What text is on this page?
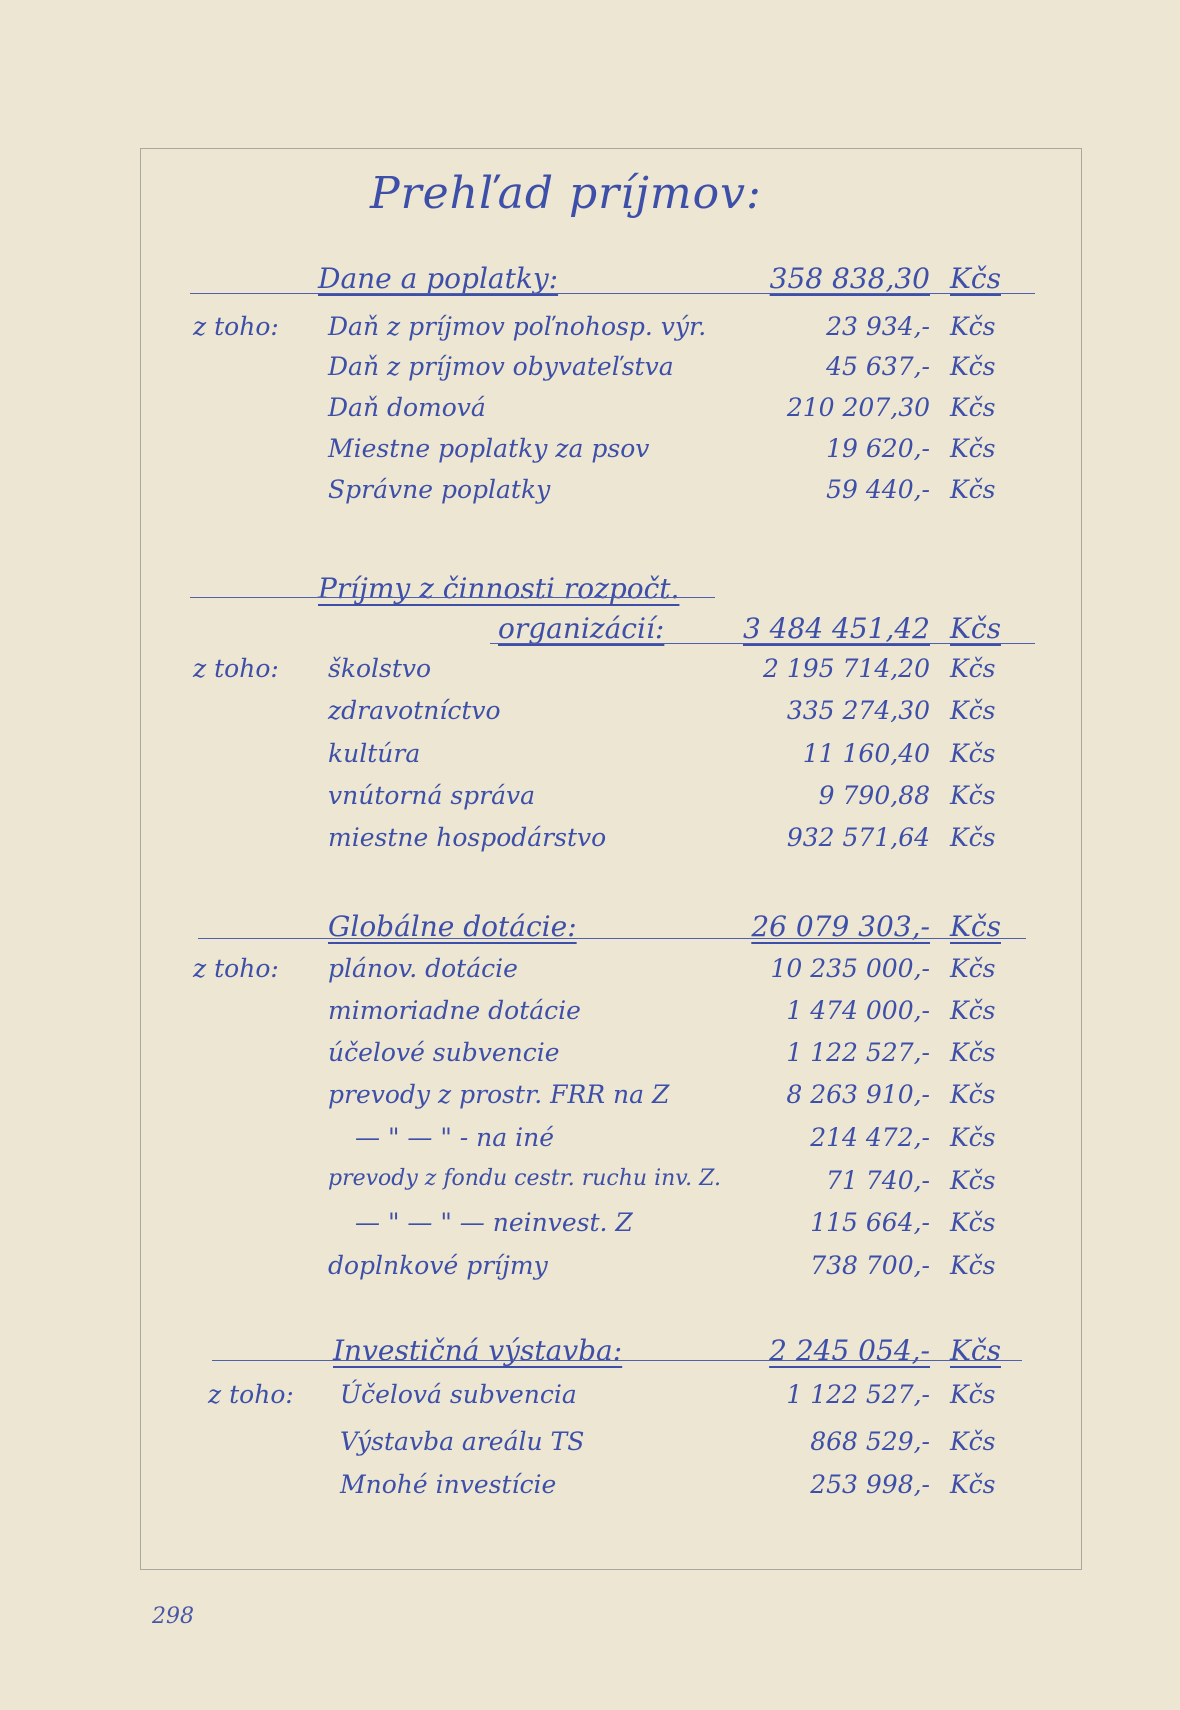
Prehľad príjmov:
Dane a poplatky:	358 838,30 Kčs
z toho: Daň z príjmov poľnohosp. výr.	23 934,- Kčs
Daň z príjmov obyvateľstva	45 637,- Kčs
Daň domová	210 207,30 Kčs
Miestne poplatky za psov	19 620,- Kčs
Správne poplatky	59 440,- Kčs
Príjmy z činnosti rozpočt.
organizácií:	3 484 451,42 Kčs
z toho: školstvo	2 195 714,20 Kčs
zdravotníctvo	335 274,30 Kčs
kultúra	11 160,40 Kčs
vnútorná správa	9 790,88 Kčs
miestne hospodárstvo	932 571,64 Kčs
Globálne dotácie:	26 079 303,- Kčs
z toho: plánov. dotácie	10 235 000,- Kčs
mimoriadne dotácie	1 474 000,- Kčs
účelové subvencie	1 122 527,- Kčs
prevody z prostr. FRR na Z	8 263 910,- Kčs
— " — " - na iné	214 472,- Kčs
prevody z fondu cestr. ruchu inv. Z.	71 740,- Kčs
— " — " — neinvest. Z	115 664,- Kčs
doplnkové príjmy	738 700,- Kčs
Investičná výstavba:	2 245 054,- Kčs
z toho: Účelová subvencia	1 122 527,- Kčs
Výstavba areálu TS	868 529,- Kčs
Mnohé investície	253 998,- Kčs
298
